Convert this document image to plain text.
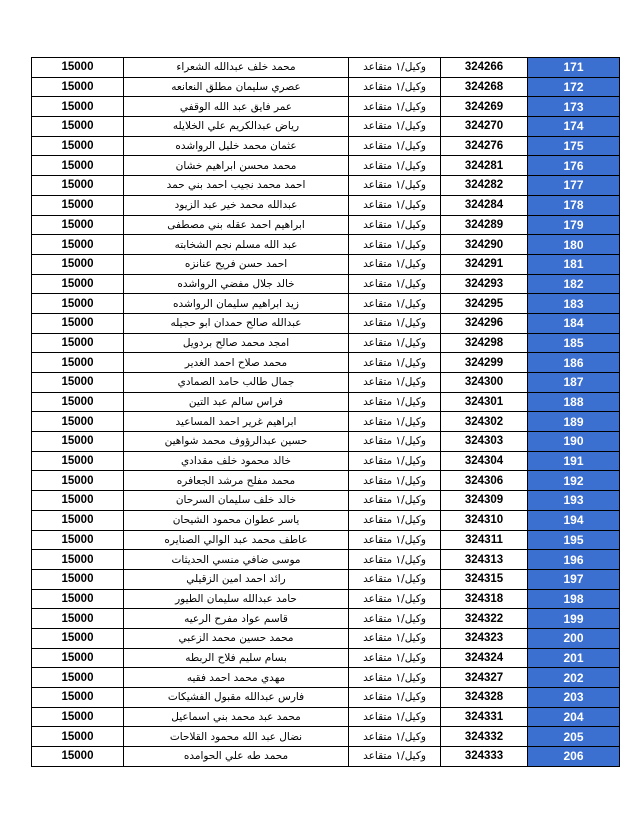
15000	محمد خلف عبدالله الشعراء	وكيل/١ متقاعد	324266	171
15000	عصري سليمان مطلق النعانعه	وكيل/١ متقاعد	324268	172
15000	عمر فايق عبد الله الوقفي	وكيل/١ متقاعد	324269	173
15000	رياض عبدالكريم علي الخلايله	وكيل/١ متقاعد	324270	174
15000	عثمان محمد خليل الرواشده	وكيل/١ متقاعد	324276	175
15000	محمد محسن ابراهيم خشان	وكيل/١ متقاعد	324281	176
15000	احمد محمد نجيب احمد بني حمد	وكيل/١ متقاعد	324282	177
15000	عبدالله محمد خير عبد الزيود	وكيل/١ متقاعد	324284	178
15000	ابراهيم احمد عقله بني مصطفى	وكيل/١ متقاعد	324289	179
15000	عبد الله مسلم نجم الشخابته	وكيل/١ متقاعد	324290	180
15000	احمد حسن فريح عنانزه	وكيل/١ متقاعد	324291	181
15000	خالد جلال مفضي الرواشده	وكيل/١ متقاعد	324293	182
15000	زيد ابراهيم سليمان الرواشده	وكيل/١ متقاعد	324295	183
15000	عبدالله صالح حمدان ابو حجيله	وكيل/١ متقاعد	324296	184
15000	امجد محمد صالح بردويل	وكيل/١ متقاعد	324298	185
15000	محمد صلاح احمد الغدير	وكيل/١ متقاعد	324299	186
15000	جمال طالب حامد الصمادي	وكيل/١ متقاعد	324300	187
15000	فراس سالم عبد التين	وكيل/١ متقاعد	324301	188
15000	ابراهيم غرير احمد المساعيد	وكيل/١ متقاعد	324302	189
15000	حسين عبدالرؤوف محمد شواهين	وكيل/١ متقاعد	324303	190
15000	خالد محمود خلف مقدادي	وكيل/١ متقاعد	324304	191
15000	محمد مفلح مرشد الجعافره	وكيل/١ متقاعد	324306	192
15000	خالد خلف سليمان السرحان	وكيل/١ متقاعد	324309	193
15000	ياسر عطوان محمود الشيحان	وكيل/١ متقاعد	324310	194
15000	عاطف محمد عبد الوالي الصنايره	وكيل/١ متقاعد	324311	195
15000	موسى ضافي منسي الحديثات	وكيل/١ متقاعد	324313	196
15000	رائد احمد امين الزقيلي	وكيل/١ متقاعد	324315	197
15000	حامد عبدالله سليمان الطيور	وكيل/١ متقاعد	324318	198
15000	قاسم عواد مفرح الرعيه	وكيل/١ متقاعد	324322	199
15000	محمد حسين محمد الزعبي	وكيل/١ متقاعد	324323	200
15000	بسام سليم فلاح الربطه	وكيل/١ متقاعد	324324	201
15000	مهدي محمد احمد فقيه	وكيل/١ متقاعد	324327	202
15000	فارس عبدالله مقبول الفشيكات	وكيل/١ متقاعد	324328	203
15000	محمد عبد محمد بني اسماعيل	وكيل/١ متقاعد	324331	204
15000	نضال عبد الله محمود القلاحات	وكيل/١ متقاعد	324332	205
15000	محمد طه علي الحوامده	وكيل/١ متقاعد	324333	206
